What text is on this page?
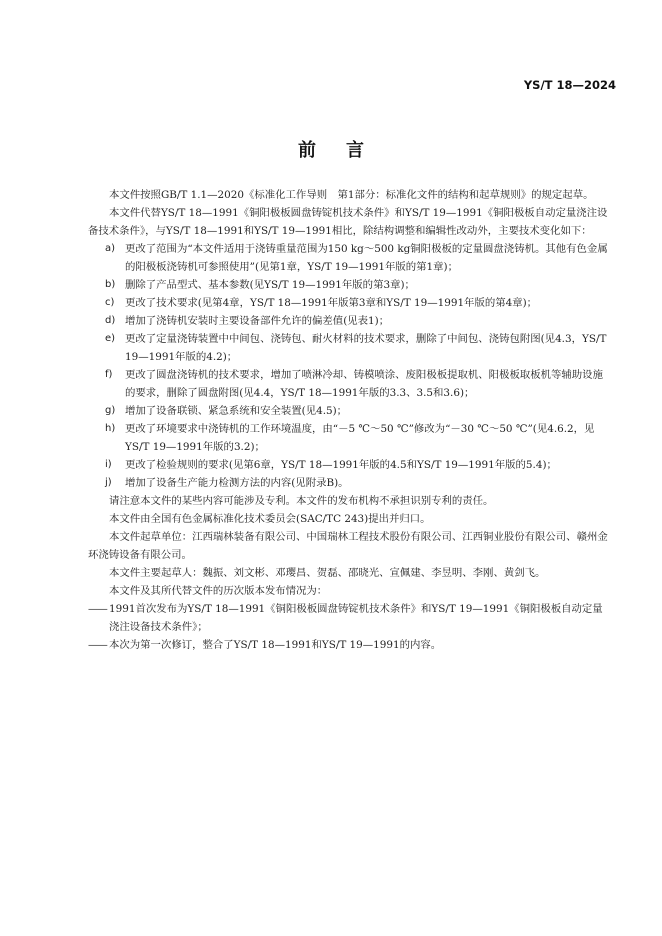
YS/T 18—2024
前言

本文件按照GB/T 1.1—2020《标准化工作导则　第1部分：标准化文件的结构和起草规则》的规定起草。

本文件代替YS/T 18—1991《铜阳极板圆盘铸锭机技术条件》和YS/T 19—1991《铜阳极板自动定量浇注设备技术条件》，与YS/T 18—1991和YS/T 19—1991相比，除结构调整和编辑性改动外，主要技术变化如下：

a) 更改了范围为“本文件适用于浇铸重量范围为150 kg～500 kg铜阳极板的定量圆盘浇铸机。其他有色金属的阳极板浇铸机可参照使用”(见第1章，YS/T 19—1991年版的第1章)；
b) 删除了产品型式、基本参数(见YS/T 19—1991年版的第3章)；
c) 更改了技术要求(见第4章，YS/T 18—1991年版第3章和YS/T 19—1991年版的第4章)；
d) 增加了浇铸机安装时主要设备部件允许的偏差值(见表1)；
e) 更改了定量浇铸装置中中间包、浇铸包、耐火材料的技术要求，删除了中间包、浇铸包附图(见4.3，YS/T 19—1991年版的4.2)；
f) 更改了圆盘浇铸机的技术要求，增加了喷淋冷却、铸模喷涂、废阳极板提取机、阳极板取板机等辅助设施的要求，删除了圆盘附图(见4.4，YS/T 18—1991年版的3.3、3.5和3.6)；
g) 增加了设备联锁、紧急系统和安全装置(见4.5)；
h) 更改了环境要求中浇铸机的工作环境温度，由“－5 ℃～50 ℃”修改为“－30 ℃～50 ℃”(见4.6.2，见YS/T 19—1991年版的3.2)；
i) 更改了检验规则的要求(见第6章，YS/T 18—1991年版的4.5和YS/T 19—1991年版的5.4)；
j) 增加了设备生产能力检测方法的内容(见附录B)。

请注意本文件的某些内容可能涉及专利。本文件的发布机构不承担识别专利的责任。

本文件由全国有色金属标准化技术委员会(SAC/TC 243)提出并归口。

本文件起草单位：江西瑞林装备有限公司、中国瑞林工程技术股份有限公司、江西铜业股份有限公司、赣州金环浇铸设备有限公司。

本文件主要起草人：魏振、刘文彬、邓璎昌、贺磊、邵晓光、宣佩建、李昱明、李刚、黄剑飞。

本文件及其所代替文件的历次版本发布情况为：

—— 1991首次发布为YS/T 18—1991《铜阳极板圆盘铸锭机技术条件》和YS/T 19—1991《铜阳极板自动定量浇注设备技术条件》；
—— 本次为第一次修订，整合了YS/T 18—1991和YS/T 19—1991的内容。
